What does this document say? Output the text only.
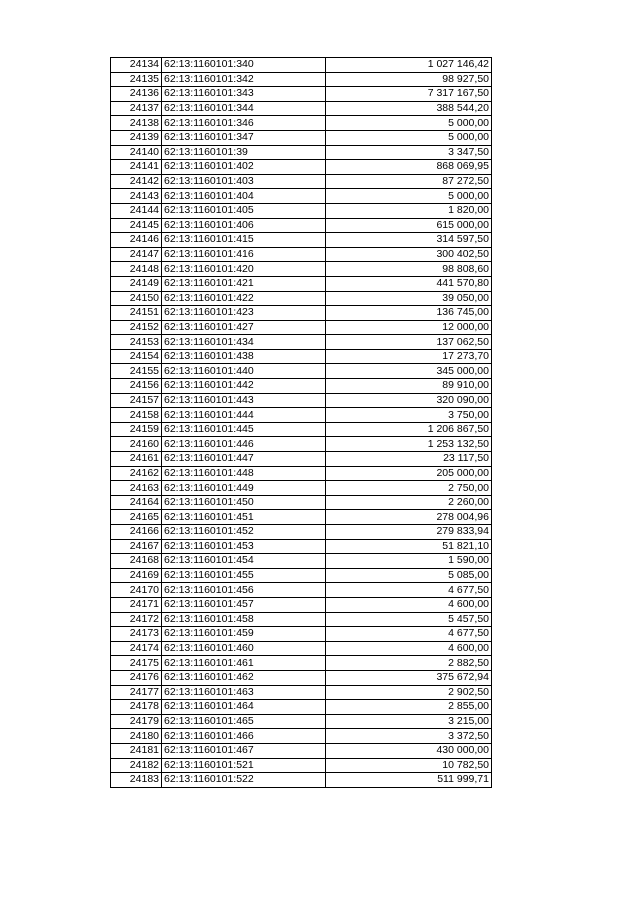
24134	62:13:1160101:340	1 027 146,42
24135	62:13:1160101:342	98 927,50
24136	62:13:1160101:343	7 317 167,50
24137	62:13:1160101:344	388 544,20
24138	62:13:1160101:346	5 000,00
24139	62:13:1160101:347	5 000,00
24140	62:13:1160101:39	3 347,50
24141	62:13:1160101:402	868 069,95
24142	62:13:1160101:403	87 272,50
24143	62:13:1160101:404	5 000,00
24144	62:13:1160101:405	1 820,00
24145	62:13:1160101:406	615 000,00
24146	62:13:1160101:415	314 597,50
24147	62:13:1160101:416	300 402,50
24148	62:13:1160101:420	98 808,60
24149	62:13:1160101:421	441 570,80
24150	62:13:1160101:422	39 050,00
24151	62:13:1160101:423	136 745,00
24152	62:13:1160101:427	12 000,00
24153	62:13:1160101:434	137 062,50
24154	62:13:1160101:438	17 273,70
24155	62:13:1160101:440	345 000,00
24156	62:13:1160101:442	89 910,00
24157	62:13:1160101:443	320 090,00
24158	62:13:1160101:444	3 750,00
24159	62:13:1160101:445	1 206 867,50
24160	62:13:1160101:446	1 253 132,50
24161	62:13:1160101:447	23 117,50
24162	62:13:1160101:448	205 000,00
24163	62:13:1160101:449	2 750,00
24164	62:13:1160101:450	2 260,00
24165	62:13:1160101:451	278 004,96
24166	62:13:1160101:452	279 833,94
24167	62:13:1160101:453	51 821,10
24168	62:13:1160101:454	1 590,00
24169	62:13:1160101:455	5 085,00
24170	62:13:1160101:456	4 677,50
24171	62:13:1160101:457	4 600,00
24172	62:13:1160101:458	5 457,50
24173	62:13:1160101:459	4 677,50
24174	62:13:1160101:460	4 600,00
24175	62:13:1160101:461	2 882,50
24176	62:13:1160101:462	375 672,94
24177	62:13:1160101:463	2 902,50
24178	62:13:1160101:464	2 855,00
24179	62:13:1160101:465	3 215,00
24180	62:13:1160101:466	3 372,50
24181	62:13:1160101:467	430 000,00
24182	62:13:1160101:521	10 782,50
24183	62:13:1160101:522	511 999,71
